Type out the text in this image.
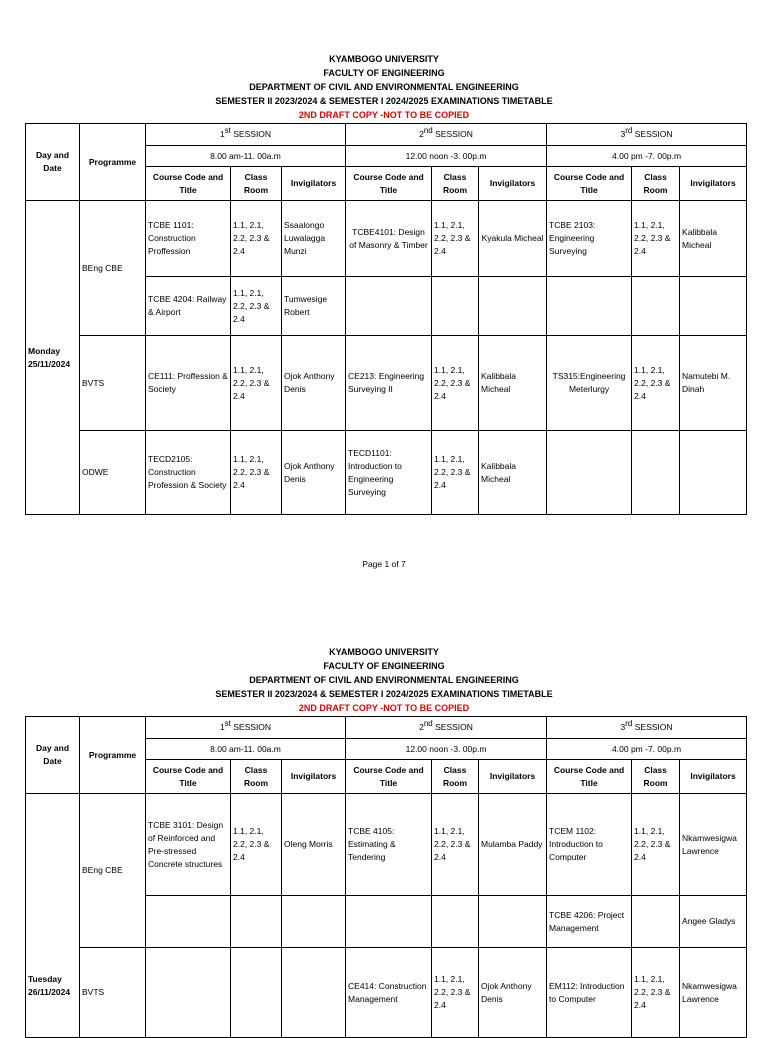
KYAMBOGO UNIVERSITY
FACULTY OF ENGINEERING
DEPARTMENT OF CIVIL AND ENVIRONMENTAL ENGINEERING
SEMESTER II 2023/2024 & SEMESTER I 2024/2025 EXAMINATIONS TIMETABLE
2ND DRAFT COPY -NOT TO BE COPIED
Day and Date	Programme	1st SESSION			2nd SESSION			3rd SESSION		
		8.00 am-11. 00a.m			12.00 noon -3. 00p.m			4.00 pm -7. 00p.m		
		Course Code and Title	Class Room	Invigilators	Course Code and Title	Class Room	Invigilators	Course Code and Title	Class Room	Invigilators
Monday 25/11/2024	BEng CBE	TCBE 1101: Construction Proffession	1.1, 2.1, 2.2, 2.3 & 2.4	Ssaalongo Luwalagga Munzi	TCBE4101: Design of Masonry & Timber	1.1, 2.1, 2.2, 2.3 & 2.4	Kyakula Micheal	TCBE 2103: Engineering Surveying	1.1, 2.1, 2.2, 2.3 & 2.4	Kalibbala Micheal
		TCBE 4204: Railway & Airport	1.1, 2.1, 2.2, 2.3 & 2.4	Tumwesige Robert						
	BVTS	CE111: Proffession & Society	1.1, 2.1, 2.2, 2.3 & 2.4	Ojok Anthony Denis	CE213: Engineering Surveying II	1.1, 2.1, 2.2, 2.3 & 2.4	Kalibbala Micheal	TS315:Engineering Meterlurgy	1.1, 2.1, 2.2, 2.3 & 2.4	Namutebi M. Dinah
	ODWE	TECD2105: Construction Profession & Society	1.1, 2.1, 2.2, 2.3 & 2.4	Ojok Anthony Denis	TECD1101: Introduction to Engineering Surveying	1.1, 2.1, 2.2, 2.3 & 2.4	Kalibbala Micheal			
Page 1 of 7
KYAMBOGO UNIVERSITY
FACULTY OF ENGINEERING
DEPARTMENT OF CIVIL AND ENVIRONMENTAL ENGINEERING
SEMESTER II 2023/2024 & SEMESTER I 2024/2025 EXAMINATIONS TIMETABLE
2ND DRAFT COPY -NOT TO BE COPIED
Day and Date	Programme	1st SESSION			2nd SESSION			3rd SESSION		
		8.00 am-11. 00a.m			12.00 noon -3. 00p.m			4.00 pm -7. 00p.m		
		Course Code and Title	Class Room	Invigilators	Course Code and Title	Class Room	Invigilators	Course Code and Title	Class Room	Invigilators

Tuesday 26/11/2024	BEng CBE	TCBE 3101: Design of Reinforced and Pre-stressed Concrete structures	1.1, 2.1, 2.2, 2.3 & 2.4	Oleng Morris	TCBE 4105: Estimating & Tendering	1.1, 2.1, 2.2, 2.3 & 2.4	Mulamba Paddy	TCEM 1102: Introduction to Computer	1.1, 2.1, 2.2, 2.3 & 2.4	Nkamwesigwa Lawrence
								TCBE 4206: Project Management		Angee Gladys
	BVTS				CE414: Construction Management	1.1, 2.1, 2.2, 2.3 & 2.4	Ojok Anthony Denis	EM112: Introduction to Computer	1.1, 2.1, 2.2, 2.3 & 2.4	Nkamwesigwa Lawrence
